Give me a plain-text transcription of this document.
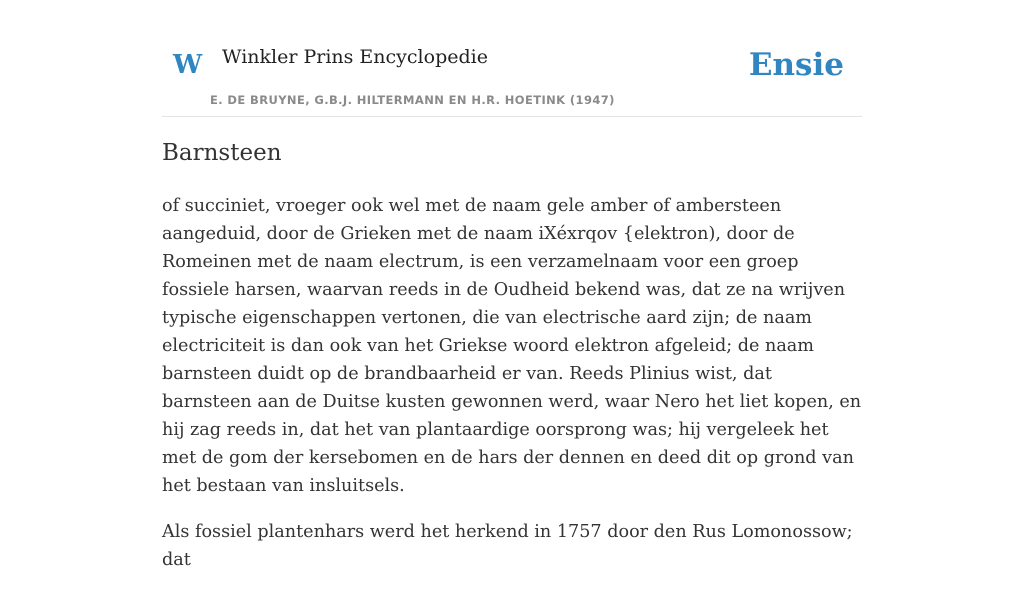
W Winkler Prins Encyclopedie
E. DE BRUYNE, G.B.J. HILTERMANN EN H.R. HOETINK (1947)
Ensie
Barnsteen

of succiniet, vroeger ook wel met de naam gele amber of ambersteen aangeduid, door de Grieken met de naam iXéxrqov {elektron), door de Romeinen met de naam electrum, is een verzamelnaam voor een groep fossiele harsen, waarvan reeds in de Oudheid bekend was, dat ze na wrijven typische eigenschappen vertonen, die van electrische aard zijn; de naam electriciteit is dan ook van het Griekse woord elektron afgeleid; de naam barnsteen duidt op de brandbaarheid er van. Reeds Plinius wist, dat barnsteen aan de Duitse kusten gewonnen werd, waar Nero het liet kopen, en hij zag reeds in, dat het van plantaardige oorsprong was; hij vergeleek het met de gom der kersebomen en de hars der dennen en deed dit op grond van het bestaan van insluitsels.

Als fossiel plantenhars werd het herkend in 1757 door den Rus Lomonossow; dat
